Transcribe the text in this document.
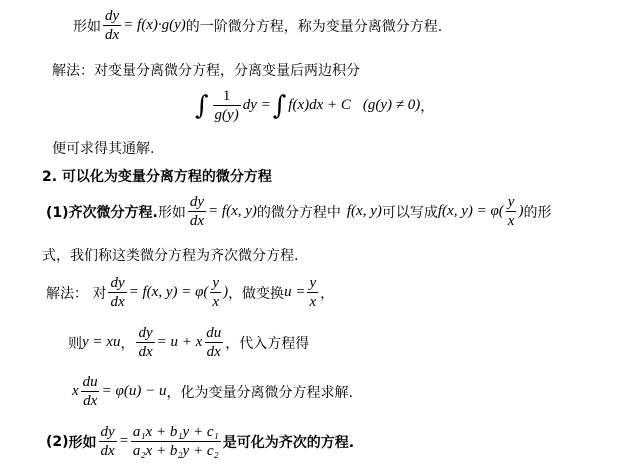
形如 $\frac{dy}{dx} = f(x)\cdot g(y)$ 的一阶微分方程，称为变量分离微分方程.
解法：对变量分离微分方程，分离变量后两边积分
∫ $\frac{1}{g(y)}$ dy = ∫ f(x)dx + C (g(y) ≠ 0) ，
便可求得其通解.
2. 可以化为变量分离方程的微分方程
(1)齐次微分方程. 形如 $\frac{dy}{dx} = f(x$, y) 的微分方程中 f(x, y) 可以写成 f(x, $y) = \varphi( \frac{y}{x}$ ) 的形
式，我们称这类微分方程为齐次微分方程.
解法： 对 $\frac{dy}{dx} = f(x$, $y) = \varphi( \frac{y}{x}$ ) ，做变换 $u = \frac{y}{x}$ ，
则 y = xu ， $\frac{dy}{dx} = u + x \frac{du}{dx}$ ，代入方程得
x $\frac{du}{dx} = \varphi(u) - u$ ，化为变量分离微分方程求解.
(2) 形如 $\frac{dy}{dx} = \frac{\text{a₁x + b₁y + c₁}}{\text{a₂x + b₂y + c₂}}$ 是可化为齐次的方程.
